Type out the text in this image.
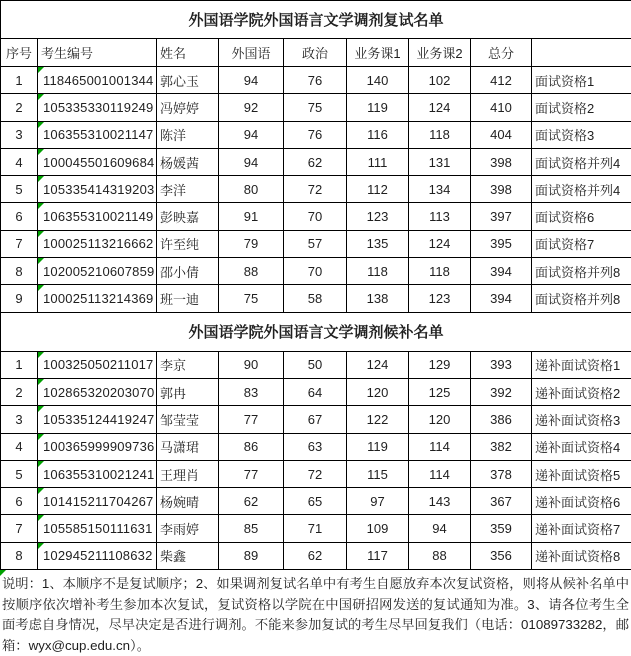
外国语学院外国语言文学调剂复试名单								
序号	考生编号	姓名	外国语	政治	业务课1	业务课2	总分	
1	118465001001344	郭心玉	94	76	140	102	412	面试资格1
2	105335330119249	冯婷婷	92	75	119	124	410	面试资格2
3	106355310021147	陈洋	94	76	116	118	404	面试资格3
4	100045501609684	杨媛茜	94	62	111	131	398	面试资格并列4
5	105335414319203	李洋	80	72	112	134	398	面试资格并列4
6	106355310021149	彭映嘉	91	70	123	113	397	面试资格6
7	100025113216662	许至纯	79	57	135	124	395	面试资格7
8	102005210607859	邵小倩	88	70	118	118	394	面试资格并列8
9	100025113214369	班一迪	75	58	138	123	394	面试资格并列8
外国语学院外国语言文学调剂候补名单								
1	100325050211017	李京	90	50	124	129	393	递补面试资格1
2	102865320203070	郭冉	83	64	120	125	392	递补面试资格2
3	105335124419247	邹莹莹	77	67	122	120	386	递补面试资格3
4	100365999909736	马潇珺	86	63	119	114	382	递补面试资格4
5	106355310021241	王理肖	77	72	115	114	378	递补面试资格5
6	101415211704267	杨婉晴	62	65	97	143	367	递补面试资格6
7	105585150111631	李雨婷	85	71	109	94	359	递补面试资格7
8	102945211108632	柴鑫	89	62	117	88	356	递补面试资格8
说明：1、本顺序不是复试顺序；2、如果调剂复试名单中有考生自愿放弃本次复试资格，则将从候补名单中按顺序依次增补考生参加本次复试，复试资格以学院在中国研招网发送的复试通知为准。3、请各位考生全面考虑自身情况，尽早决定是否进行调剂。不能来参加复试的考生尽早回复我们（电话：01089733282，邮箱：wyx@cup.edu.cn）。
